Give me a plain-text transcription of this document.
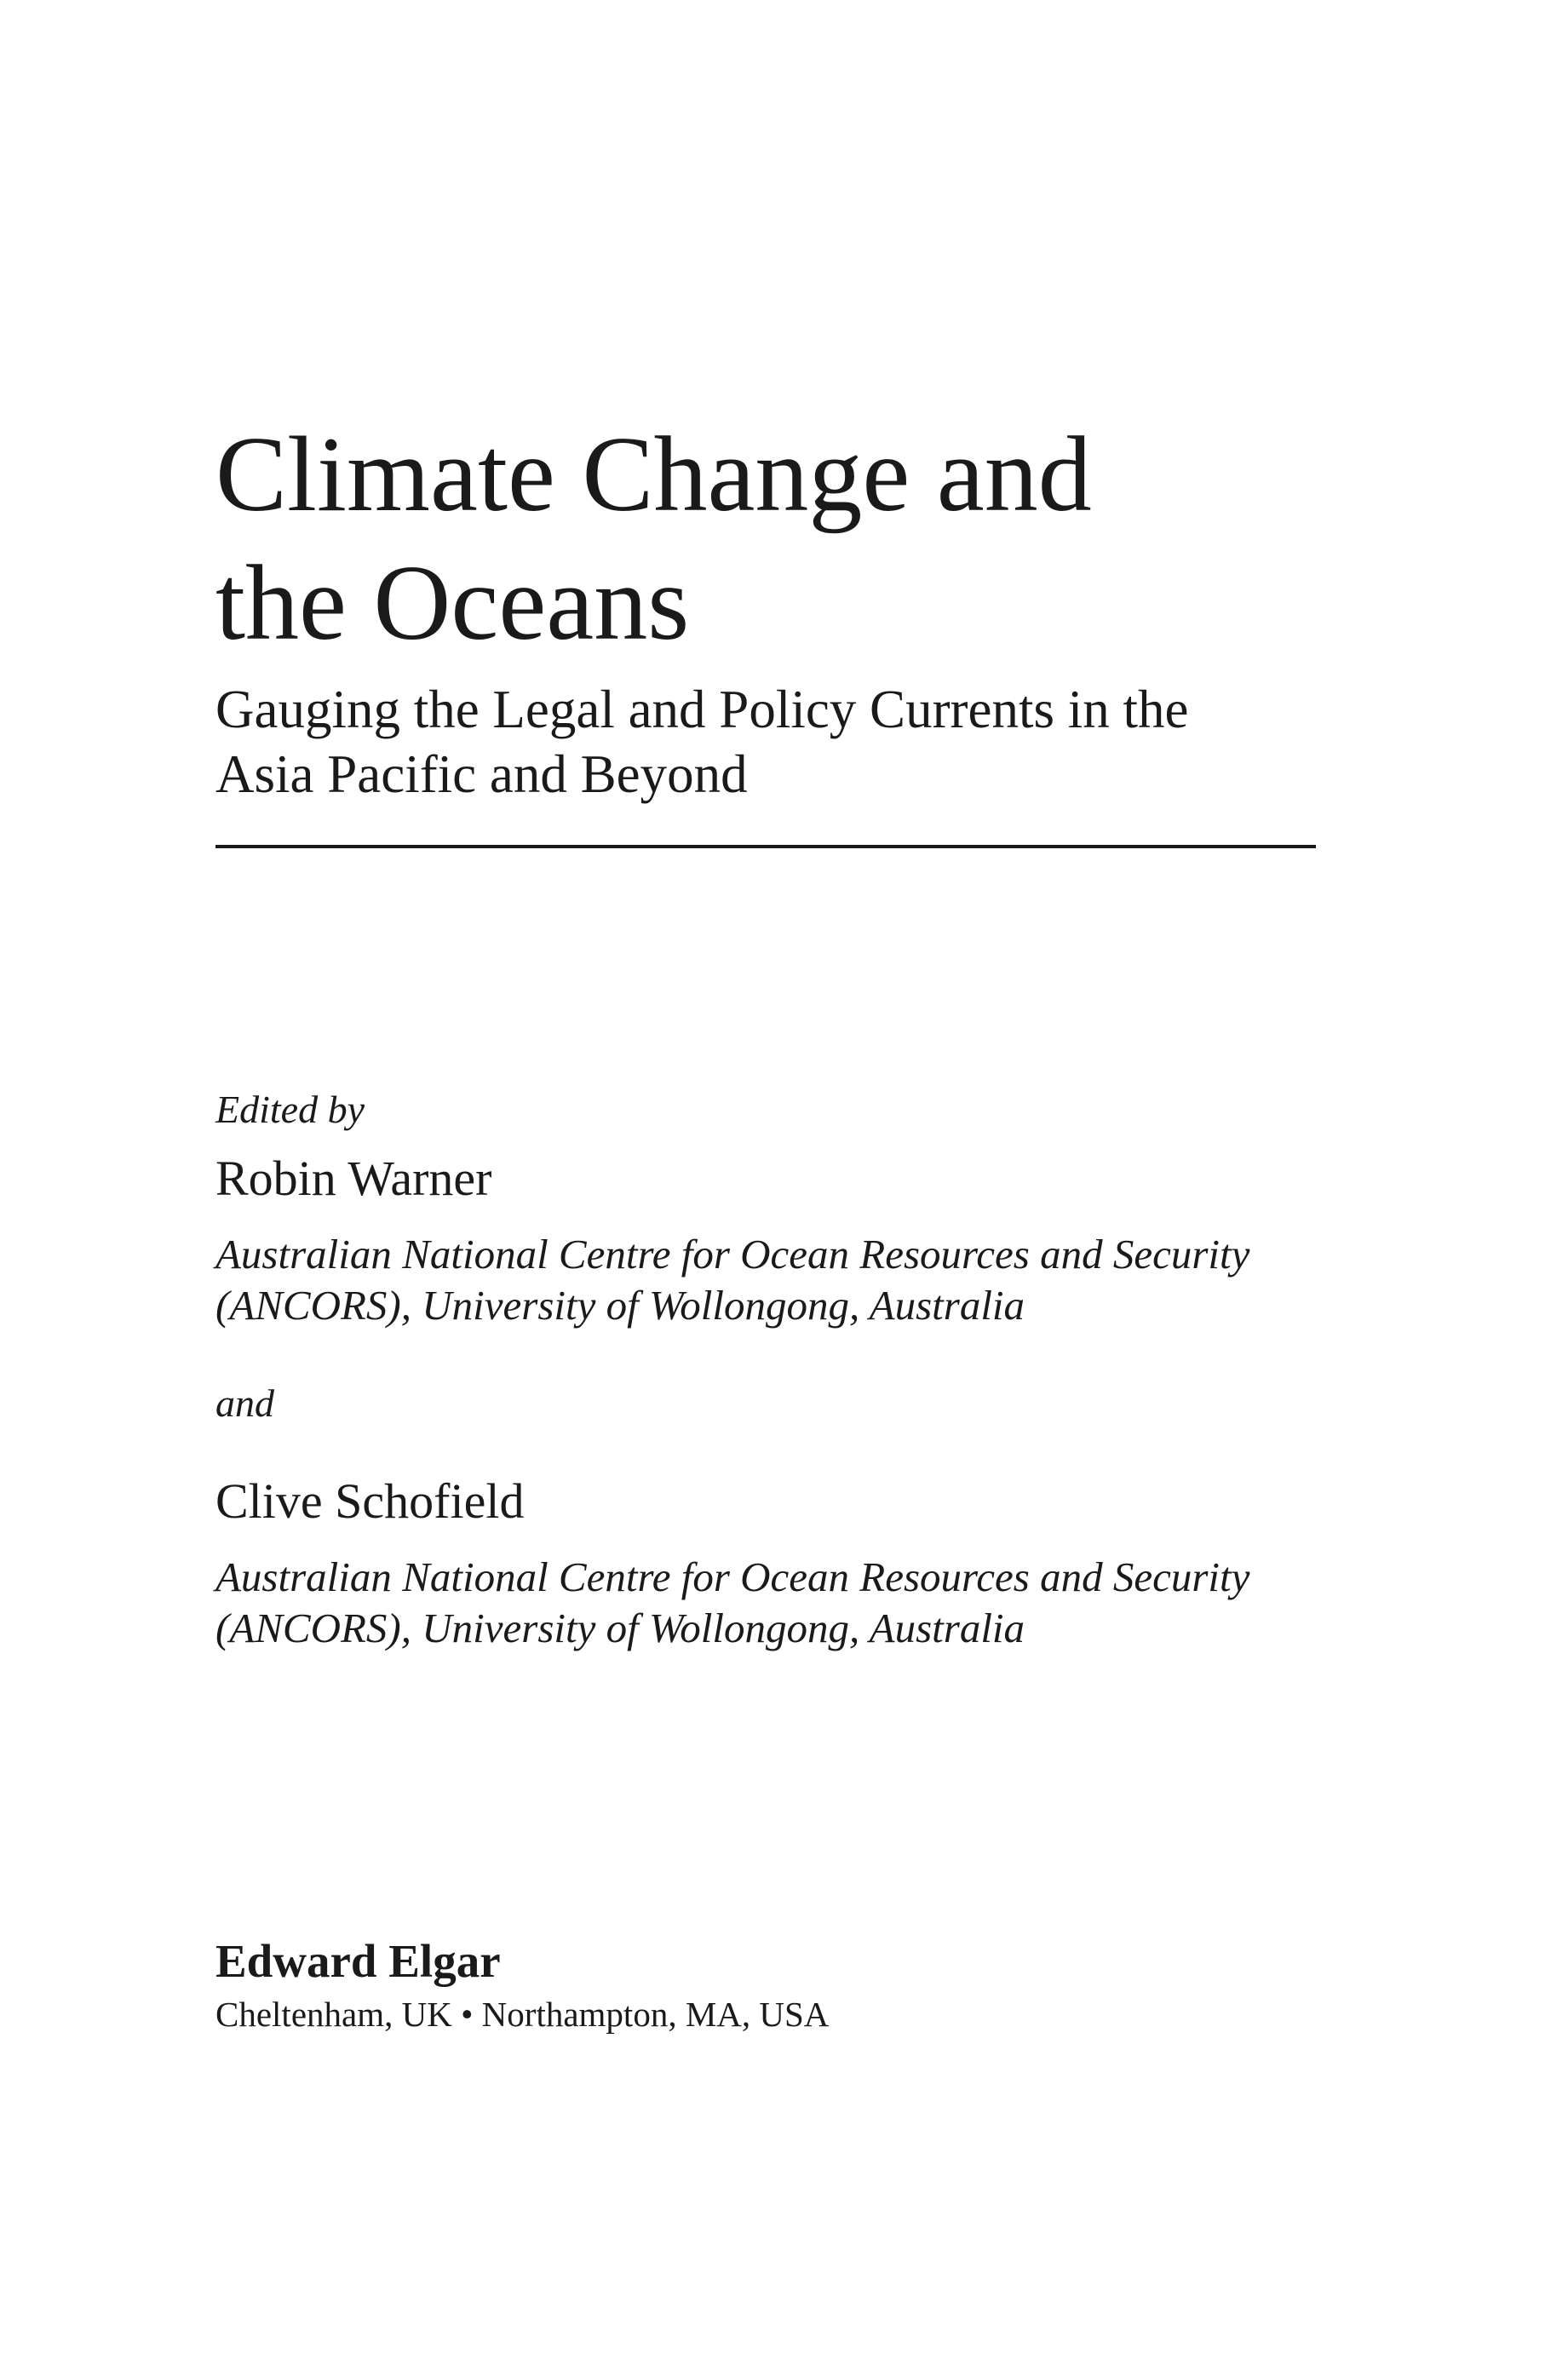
Climate Change and
the Oceans
Gauging the Legal and Policy Currents in the
Asia Pacific and Beyond
Edited by
Robin Warner
Australian National Centre for Ocean Resources and Security
(ANCORS), University of Wollongong, Australia
and
Clive Schofield
Australian National Centre for Ocean Resources and Security
(ANCORS), University of Wollongong, Australia
Edward Elgar
Cheltenham, UK • Northampton, MA, USA
